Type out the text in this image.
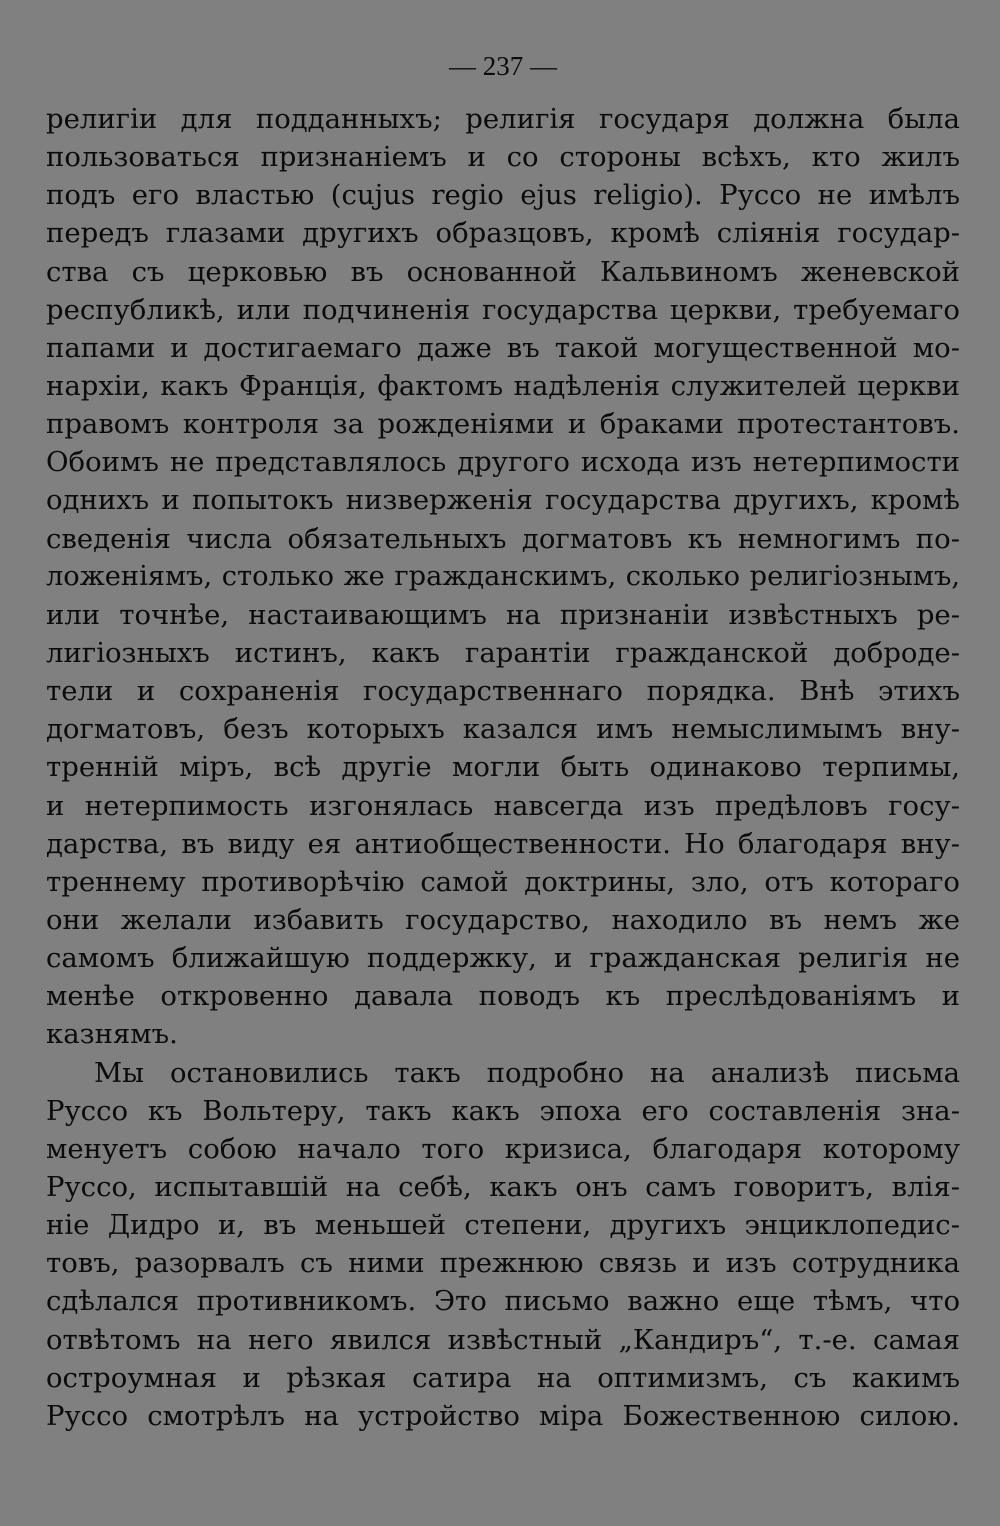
— 237 —
религіи для подданныхъ; религія государя должна была
пользоваться признаніемъ и со стороны всѣхъ, кто жилъ
подъ его властью (cujus regio ejus religio). Руссо не имѣлъ
передъ глазами другихъ образцовъ, кромѣ сліянія государ-
ства съ церковью въ основанной Кальвиномъ женевской
республикѣ, или подчиненія государства церкви, требуемаго
папами и достигаемаго даже въ такой могущественной мо-
нархіи, какъ Франція, фактомъ надѣленія служителей церкви
правомъ контроля за рожденіями и браками протестантовъ.
Обоимъ не представлялось другого исхода изъ нетерпимости
однихъ и попытокъ низверженія государства другихъ, кромѣ
сведенія числа обязательныхъ догматовъ къ немногимъ по-
ложеніямъ, столько же гражданскимъ, сколько религіознымъ,
или точнѣе, настаивающимъ на признаніи извѣстныхъ ре-
лигіозныхъ истинъ, какъ гарантіи гражданской доброде-
тели и сохраненія государственнаго порядка. Внѣ этихъ
догматовъ, безъ которыхъ казался имъ немыслимымъ вну-
тренній міръ, всѣ другіе могли быть одинаково терпимы,
и нетерпимость изгонялась навсегда изъ предѣловъ госу-
дарства, въ виду ея антиобщественности. Но благодаря вну-
треннему противорѣчію самой доктрины, зло, отъ котораго
они желали избавить государство, находило въ немъ же
самомъ ближайшую поддержку, и гражданская религія не
менѣе откровенно давала поводъ къ преслѣдованіямъ и
казнямъ.
Мы остановились такъ подробно на анализѣ письма
Руссо къ Вольтеру, такъ какъ эпоха его составленія зна-
менуетъ собою начало того кризиса, благодаря которому
Руссо, испытавшій на себѣ, какъ онъ самъ говоритъ, влія-
ніе Дидро и, въ меньшей степени, другихъ энциклопедис-
товъ, разорвалъ съ ними прежнюю связь и изъ сотрудника
сдѣлался противникомъ. Это письмо важно еще тѣмъ, что
отвѣтомъ на него явился извѣстный „Кандиръ“, т.-е. самая
остроумная и рѣзкая сатира на оптимизмъ, съ какимъ
Руссо смотрѣлъ на устройство міра Божественною силою.
